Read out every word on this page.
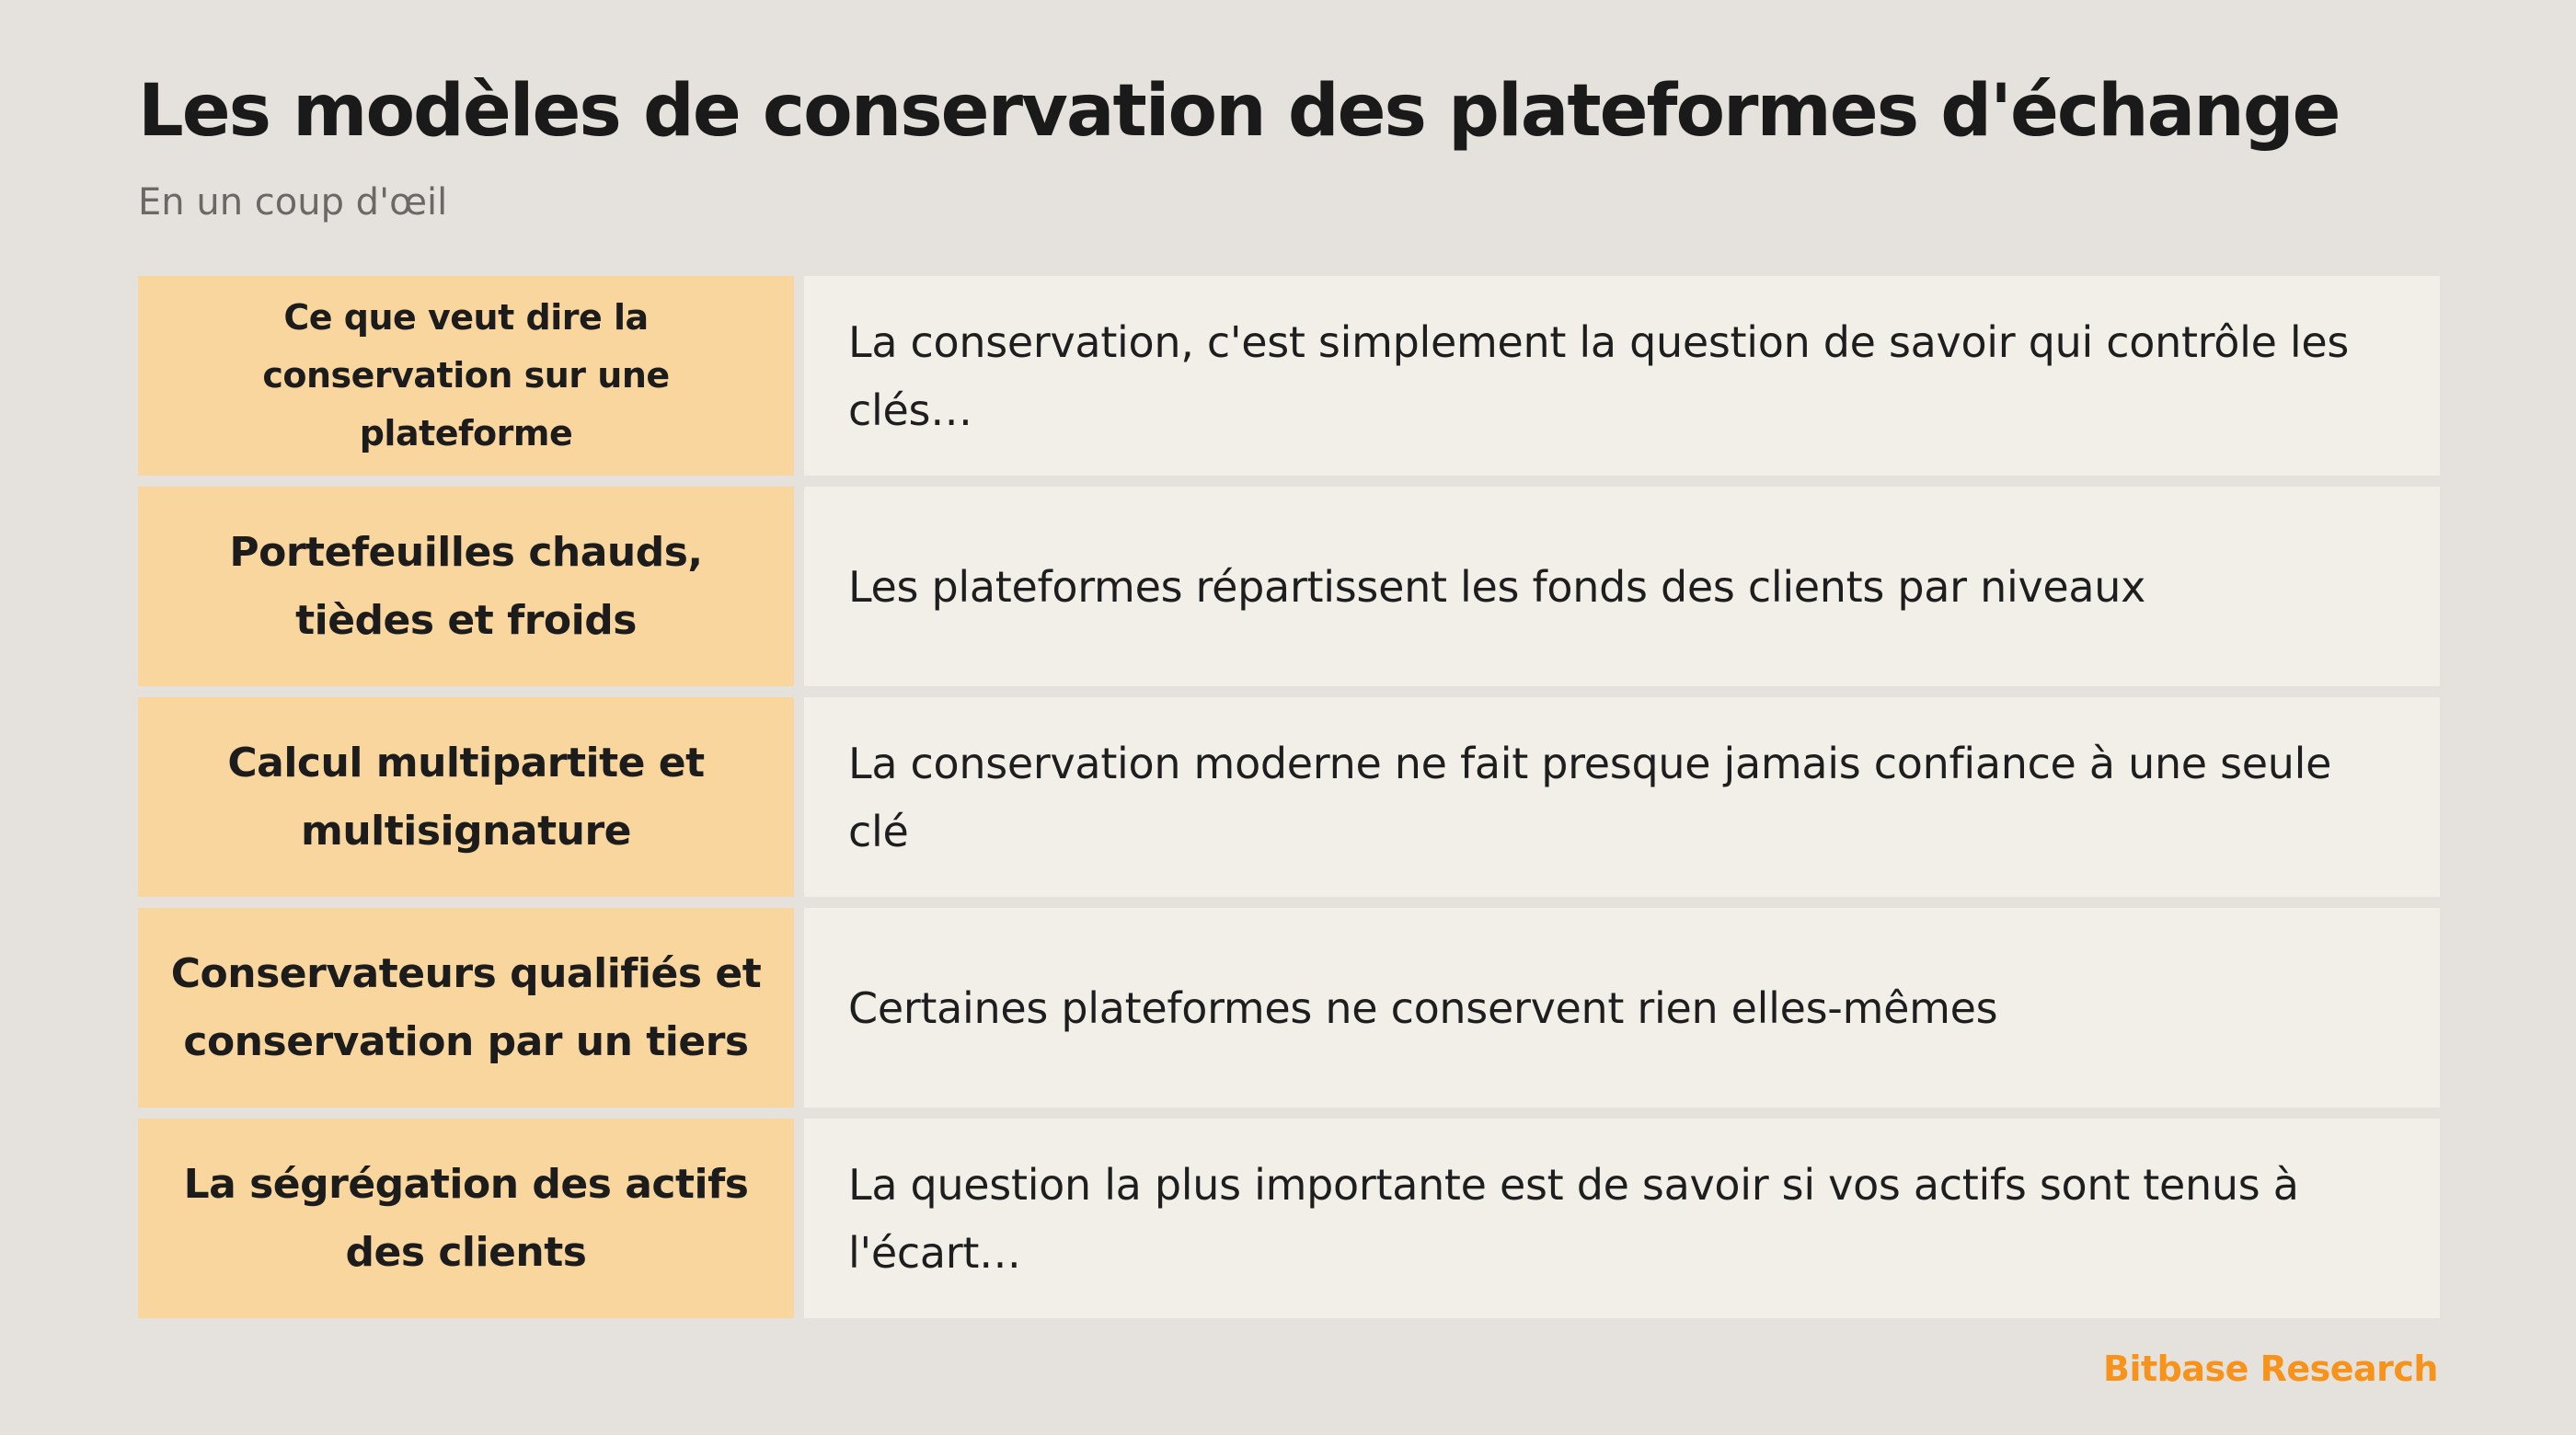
Les modèles de conservation des plateformes d'échange
En un coup d'œil
Ce que veut dire la conservation sur une plateforme
La conservation, c'est simplement la question de savoir qui contrôle les clés…
Portefeuilles chauds, tièdes et froids
Les plateformes répartissent les fonds des clients par niveaux
Calcul multipartite et multisignature
La conservation moderne ne fait presque jamais confiance à une seule clé
Conservateurs qualifiés et conservation par un tiers
Certaines plateformes ne conservent rien elles-mêmes
La ségrégation des actifs des clients
La question la plus importante est de savoir si vos actifs sont tenus à l'écart…
Bitbase Research
